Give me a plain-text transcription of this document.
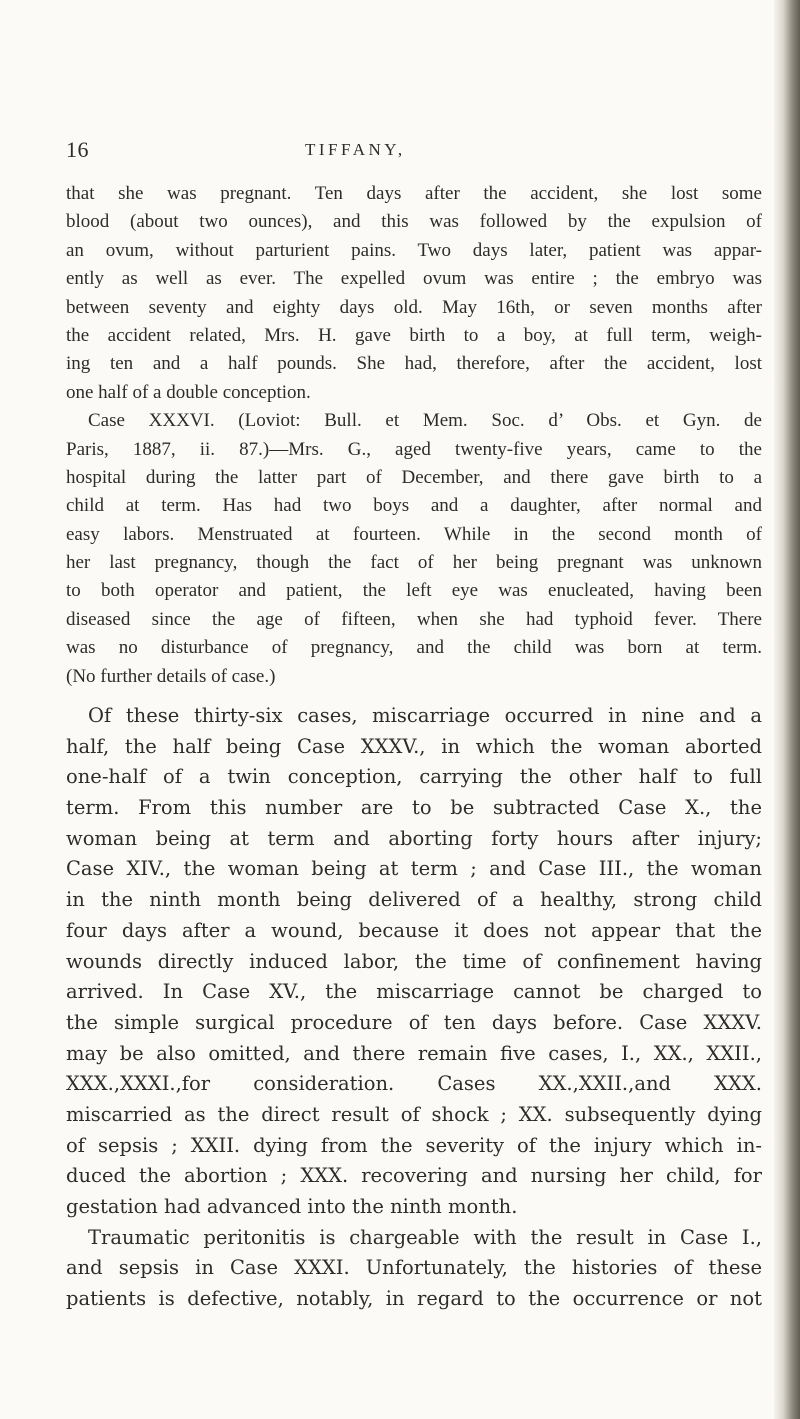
16	TIFFANY,
that she was pregnant. Ten days after the accident, she lost some
blood (about two ounces), and this was followed by the expulsion of
an ovum, without parturient pains. Two days later, patient was appar-
ently as well as ever. The expelled ovum was entire ; the embryo was
between seventy and eighty days old. May 16th, or seven months after
the accident related, Mrs. H. gave birth to a boy, at full term, weigh-
ing ten and a half pounds. She had, therefore, after the accident, lost
one half of a double conception.
Case XXXVI. (Loviot: Bull. et Mem. Soc. d’ Obs. et Gyn. de
Paris, 1887, ii. 87.)—Mrs. G., aged twenty-five years, came to the
hospital during the latter part of December, and there gave birth to a
child at term. Has had two boys and a daughter, after normal and
easy labors. Menstruated at fourteen. While in the second month of
her last pregnancy, though the fact of her being pregnant was unknown
to both operator and patient, the left eye was enucleated, having been
diseased since the age of fifteen, when she had typhoid fever. There
was no disturbance of pregnancy, and the child was born at term.
(No further details of case.)
Of these thirty-six cases, miscarriage occurred in nine and a
half, the half being Case XXXV., in which the woman aborted
one-half of a twin conception, carrying the other half to full
term. From this number are to be subtracted Case X., the
woman being at term and aborting forty hours after injury;
Case XIV., the woman being at term ; and Case III., the woman
in the ninth month being delivered of a healthy, strong child
four days after a wound, because it does not appear that the
wounds directly induced labor, the time of confinement having
arrived. In Case XV., the miscarriage cannot be charged to
the simple surgical procedure of ten days before. Case XXXV.
may be also omitted, and there remain five cases, I., XX., XXII.,
XXX.,XXXI.,for consideration. Cases XX.,XXII.,and XXX.
miscarried as the direct result of shock ; XX. subsequently dying
of sepsis ; XXII. dying from the severity of the injury which in-
duced the abortion ; XXX. recovering and nursing her child, for
gestation had advanced into the ninth month.
Traumatic peritonitis is chargeable with the result in Case I.,
and sepsis in Case XXXI. Unfortunately, the histories of these
patients is defective, notably, in regard to the occurrence or not
